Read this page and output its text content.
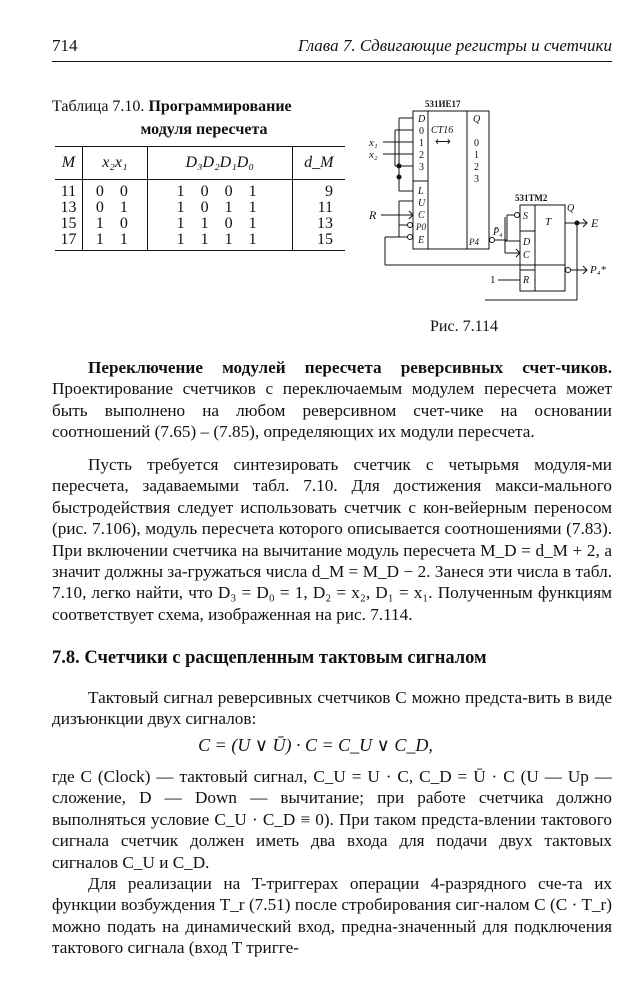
714	Глава 7. Сдвигающие регистры и счетчики
Таблица 7.10. Программирование
модуля пересчета
M	x₂x₁	D₃D₂D₁D₀	d_M
11	0 0	1 0 0 1	9
13	0 1	1 0 1 1	11
15	1 0	1 1 0 1	13
17	1 1	1 1 1 1	15
531ИЕ17
CT16
⟷
D
0
1
2
3
L
U
C
P0
E
Q
0
1
2
3
P4
x₁
x₂
R
P̄₄
531ТМ2
S T
D
C
R
1
Q
E
P₄*
Рис. 7.114

Переключение модулей пересчета реверсивных счет-чиков. Проектирование счетчиков с переключаемым модулем пересчета может быть выполнено на любом реверсивном счет-чике на основании соотношений (7.65) – (7.85), определяющих их модули пересчета.

Пусть требуется синтезировать счетчик с четырьмя модуля-ми пересчета, задаваемыми табл. 7.10. Для достижения макси-мального быстродействия следует использовать счетчик с кон-вейерным переносом (рис. 7.106), модуль пересчета которого описывается соотношениями (7.83). При включении счетчика на вычитание модуль пересчета M_D = d_M + 2, а значит должны за-гружаться числа d_M = M_D − 2. Занеся эти числа в табл. 7.10, легко найти, что D₃ = D₀ = 1, D₂ = x₂, D₁ = x₁. Полученным функциям соответствует схема, изображенная на рис. 7.114.

7.8. Счетчики с расщепленным тактовым сигналом

Тактовый сигнал реверсивных счетчиков C можно предста-вить в виде дизъюнкции двух сигналов:

C = (U ∨ Ū) · C = C_U ∨ C_D,

где C (Clock) — тактовый сигнал, C_U = U · C, C_D = Ū · C (U — Up — сложение, D — Down — вычитание; при работе счетчика должно выполняться условие C_U · C_D ≡ 0). При таком предста-влении тактового сигнала счетчик должен иметь два входа для подачи двух тактовых сигналов C_U и C_D.

Для реализации на T-триггерах операции 4-разрядного сче-та их функции возбуждения T_r (7.51) после стробирования сиг-налом C (C · T_r) можно подать на динамический вход, предна-значенный для подключения тактового сигнала (вход T тригге-
